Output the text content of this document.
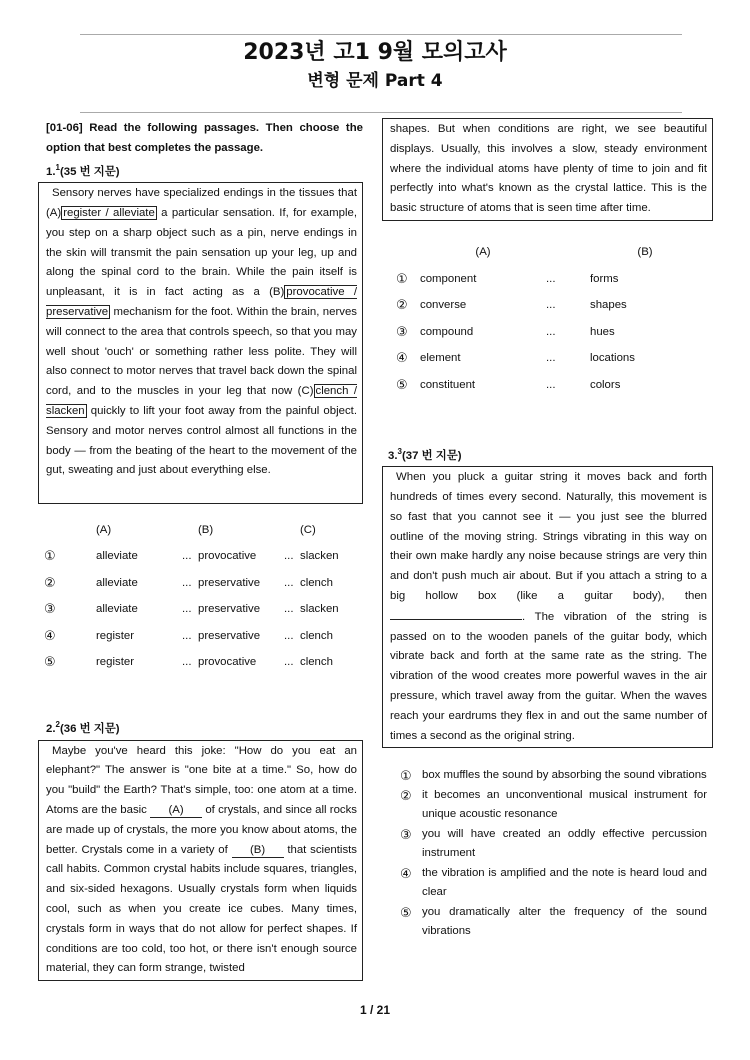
2023년 고1 9월 모의고사
변형 문제 Part 4
[01-06] Read the following passages. Then choose the option that best completes the passage.
1.$^1$(35 번 지문)
Sensory nerves have specialized endings in the tissues that (A) register / alleviate a particular sensation. If, for example, you step on a sharp object such as a pin, nerve endings in the skin will transmit the pain sensation up your leg, up and along the spinal cord to the brain. While the pain itself is unpleasant, it is in fact acting as a (B) provocative / preservative mechanism for the foot. Within the brain, nerves will connect to the area that controls speech, so that you may well shout 'ouch' or something rather less polite. They will also connect to motor nerves that travel back down the spinal cord, and to the muscles in your leg that now (C) clench / slacken quickly to lift your foot away from the painful object. Sensory and motor nerves control almost all functions in the body — from the beating of the heart to the movement of the gut, sweating and just about everything else.
	(A)		(B)		(C)
①	alleviate	...	provocative	...	slacken
②	alleviate	...	preservative	...	clench
③	alleviate	...	preservative	...	slacken
④	register	...	preservative	...	clench
⑤	register	...	provocative	...	clench
2.$^2$(36 번 지문)
Maybe you've heard this joke: "How do you eat an elephant?" The answer is "one bite at a time." So, how do you "build" the Earth? That's simple, too: one atom at a time. Atoms are the basic (A) of crystals, and since all rocks are made up of crystals, the more you know about atoms, the better. Crystals come in a variety of (B) that scientists call habits. Common crystal habits include squares, triangles, and six-sided hexagons. Usually crystals form when liquids cool, such as when you create ice cubes. Many times, crystals form in ways that do not allow for perfect shapes. If conditions are too cold, too hot, or there isn't enough source material, they can form strange, twisted
shapes. But when conditions are right, we see beautiful displays. Usually, this involves a slow, steady environment where the individual atoms have plenty of time to join and fit perfectly into what's known as the crystal lattice. This is the basic structure of atoms that is seen time after time.
	(A)		(B)
①	component	...	forms
②	converse	...	shapes
③	compound	...	hues
④	element	...	locations
⑤	constituent	...	colors
3.$^3$(37 번 지문)
When you pluck a guitar string it moves back and forth hundreds of times every second. Naturally, this movement is so fast that you cannot see it — you just see the blurred outline of the moving string. Strings vibrating in this way on their own make hardly any noise because strings are very thin and don't push much air about. But if you attach a string to a big hollow box (like a guitar body), then . The vibration of the string is passed on to the wooden panels of the guitar body, which vibrate back and forth at the same rate as the string. The vibration of the wood creates more powerful waves in the air pressure, which travel away from the guitar. When the waves reach your eardrums they flex in and out the same number of times a second as the original string.
① box muffles the sound by absorbing the sound vibrations
② it becomes an unconventional musical instrument for unique acoustic resonance
③ you will have created an oddly effective percussion instrument
④ the vibration is amplified and the note is heard loud and clear
⑤ you dramatically alter the frequency of the sound vibrations
1 / 21
